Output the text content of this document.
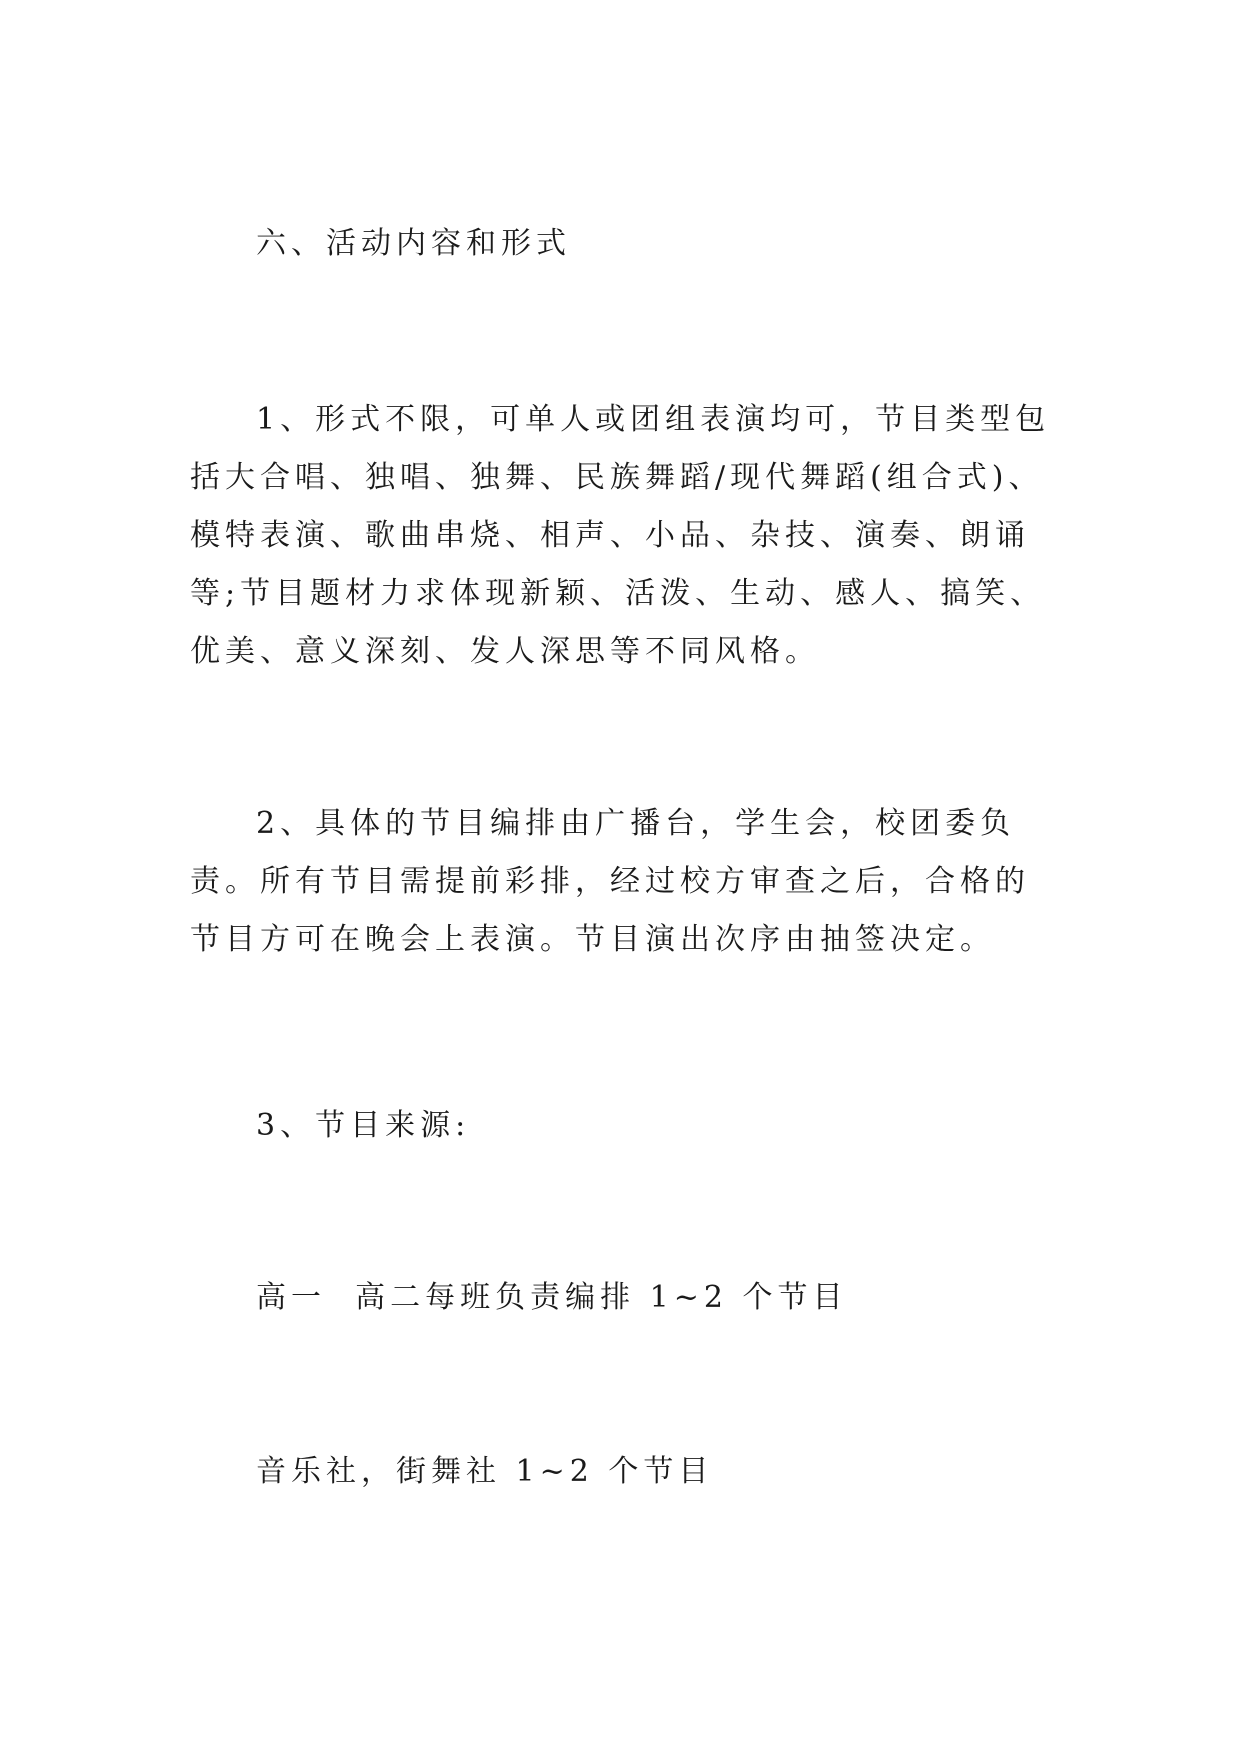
六、活动内容和形式
1、形式不限，可单人或团组表演均可，节目类型包括大合唱、独唱、独舞、民族舞蹈/现代舞蹈(组合式)、模特表演、歌曲串烧、相声、小品、杂技、演奏、朗诵等;节目题材力求体现新颖、活泼、生动、感人、搞笑、优美、意义深刻、发人深思等不同风格。
2、具体的节目编排由广播台，学生会，校团委负责。所有节目需提前彩排，经过校方审查之后，合格的节目方可在晚会上表演。节目演出次序由抽签决定。
3、节目来源:
高一  高二每班负责编排 1~2 个节目
音乐社，街舞社 1~2 个节目
